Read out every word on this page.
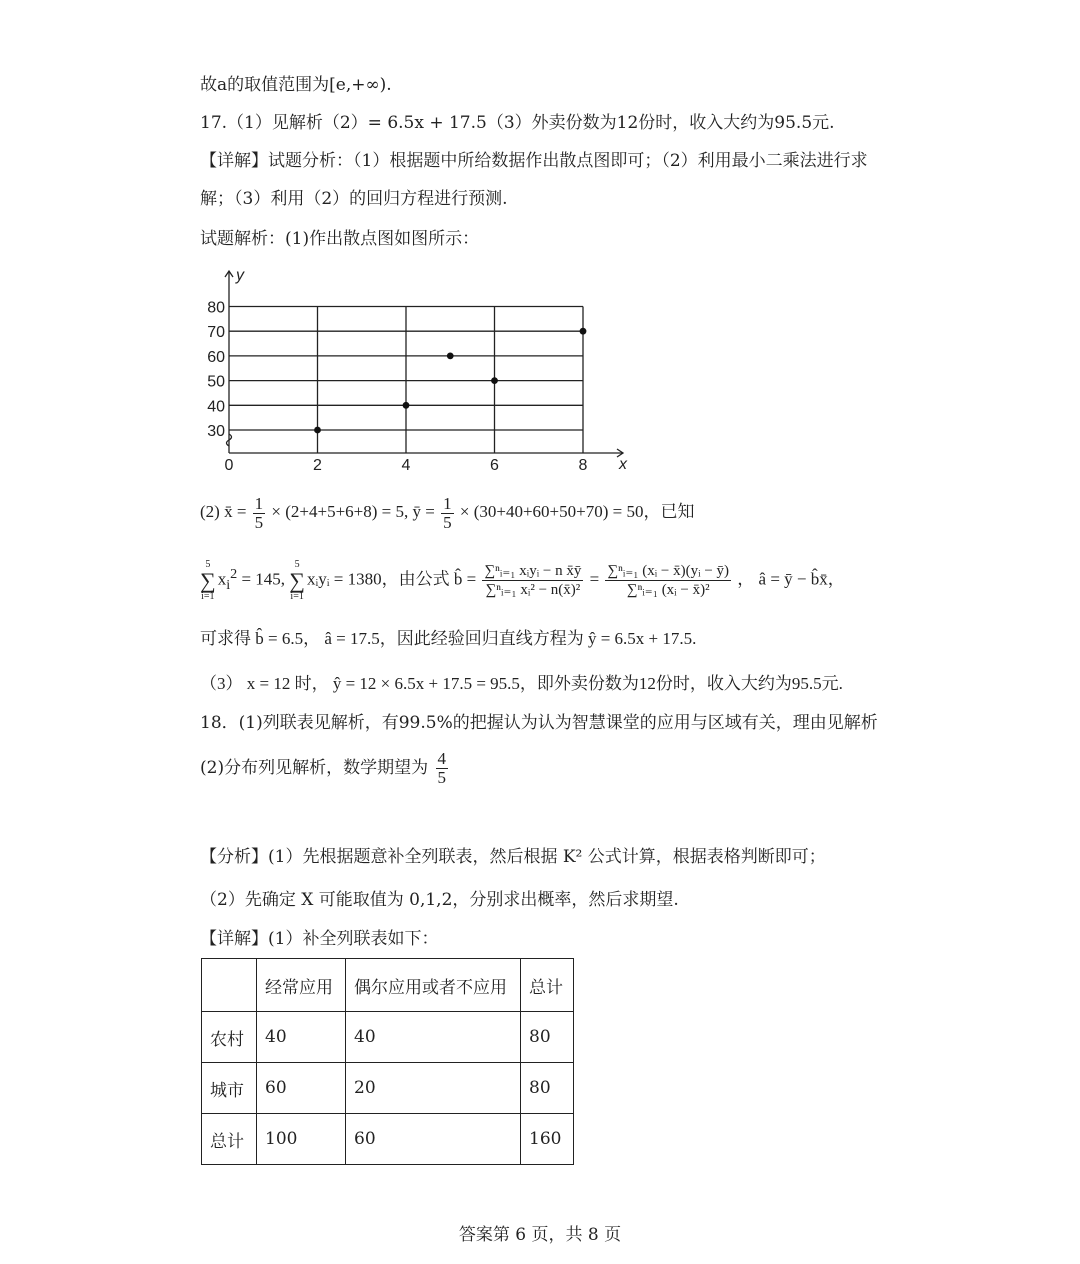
故a的取值范围为[e,+∞).
17.（1）见解析（2）= 6.5x + 17.5（3）外卖份数为12份时，收入大约为95.5元.
【详解】试题分析：（1）根据题中所给数据作出散点图即可；（2）利用最小二乘法进行求
解；（3）利用（2）的回归方程进行预测.
试题解析：(1)作出散点图如图所示：
30
40
50
60
70
80
0	2	4	6	8 x
y
(2) x̄ = $\frac{1}{5} \times (2+4+5+6+8) = 5$, ȳ = $\frac{1}{5} \times (30+40+60+50+70) = 50$，已知
5
∑
$i=1x_i^2 = 145$, 5
∑
i=1xᵢyᵢ = 1380，由公式 b̂ = $\frac{\text{∑ⁿᵢ₌₁ xᵢyᵢ − n x̄ȳ}}{\text{∑ⁿᵢ₌₁ xᵢ² − n(x̄)²}} = \frac{\text{∑ⁿᵢ₌₁ (xᵢ − x̄)(yᵢ − ȳ)}}{\text{∑ⁿᵢ₌₁ (xᵢ − x̄)²}}$ ， â = ȳ − b̂x̄，
可求得 b̂ = 6.5， â = 17.5，因此经验回归直线方程为 ŷ = 6.5x + 17.5.
（3） x = 12 时， ŷ = 12 × 6.5x + 17.5 = 95.5，即外卖份数为12份时，收入大约为95.5元.
18．(1)列联表见解析，有99.5%的把握认为认为智慧课堂的应用与区域有关，理由见解析
(2)分布列见解析，数学期望为 $\frac{4}{5}$
【分析】(1）先根据题意补全列联表，然后根据 K² 公式计算，根据表格判断即可；
（2）先确定 X 可能取值为 0,1,2，分别求出概率，然后求期望.
【详解】(1）补全列联表如下：
	经常应用	偶尔应用或者不应用	总计
农村	40	40	80
城市	60	20	80
总计	100	60	160
答案第 6 页，共 8 页
